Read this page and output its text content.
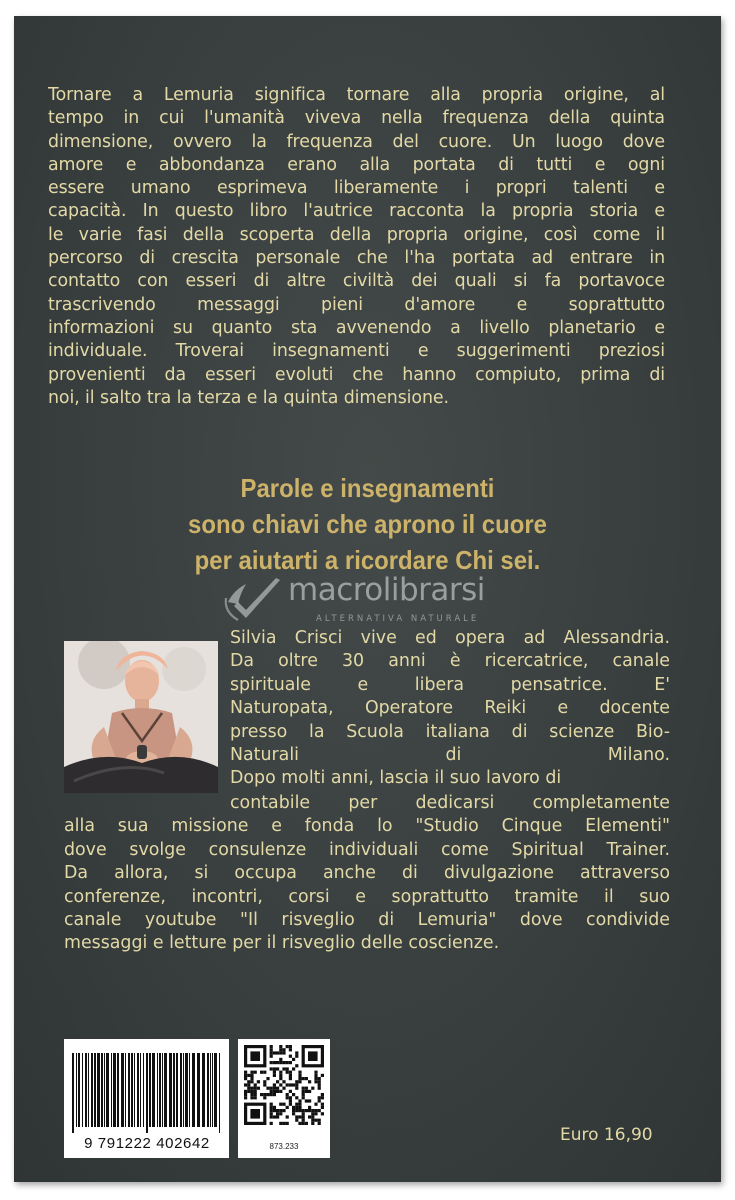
Tornare a Lemuria significa tornare alla propria origine, al
tempo in cui l'umanità viveva nella frequenza della quinta
dimensione, ovvero la frequenza del cuore. Un luogo dove
amore e abbondanza erano alla portata di tutti e ogni
essere umano esprimeva liberamente i propri talenti e
capacità. In questo libro l'autrice racconta la propria storia e
le varie fasi della scoperta della propria origine, così come il
percorso di crescita personale che l'ha portata ad entrare in
contatto con esseri di altre civiltà dei quali si fa portavoce
trascrivendo messaggi pieni d'amore e soprattutto
informazioni su quanto sta avvenendo a livello planetario e
individuale. Troverai insegnamenti e suggerimenti preziosi
provenienti da esseri evoluti che hanno compiuto, prima di
noi, il salto tra la terza e la quinta dimensione.

Parole e insegnamenti
sono chiavi che aprono il cuore
per aiutarti a ricordare Chi sei.

macrolibrarsi
ALTERNATIVA NATURALE

Silvia Crisci vive ed opera ad Alessandria.
Da oltre 30 anni è ricercatrice, canale
spirituale e libera pensatrice. E'
Naturopata, Operatore Reiki e docente
presso la Scuola italiana di scienze Bio-
Naturali di Milano.
Dopo molti anni, lascia il suo lavoro di

contabile per dedicarsi completamente
alla sua missione e fonda lo "Studio Cinque Elementi"
dove svolge consulenze individuali come Spiritual Trainer.
Da allora, si occupa anche di divulgazione attraverso
conferenze, incontri, corsi e soprattutto tramite il suo
canale youtube "Il risveglio di Lemuria" dove condivide
messaggi e letture per il risveglio delle coscienze.

9 791222 402642	873.233

Euro 16,90
